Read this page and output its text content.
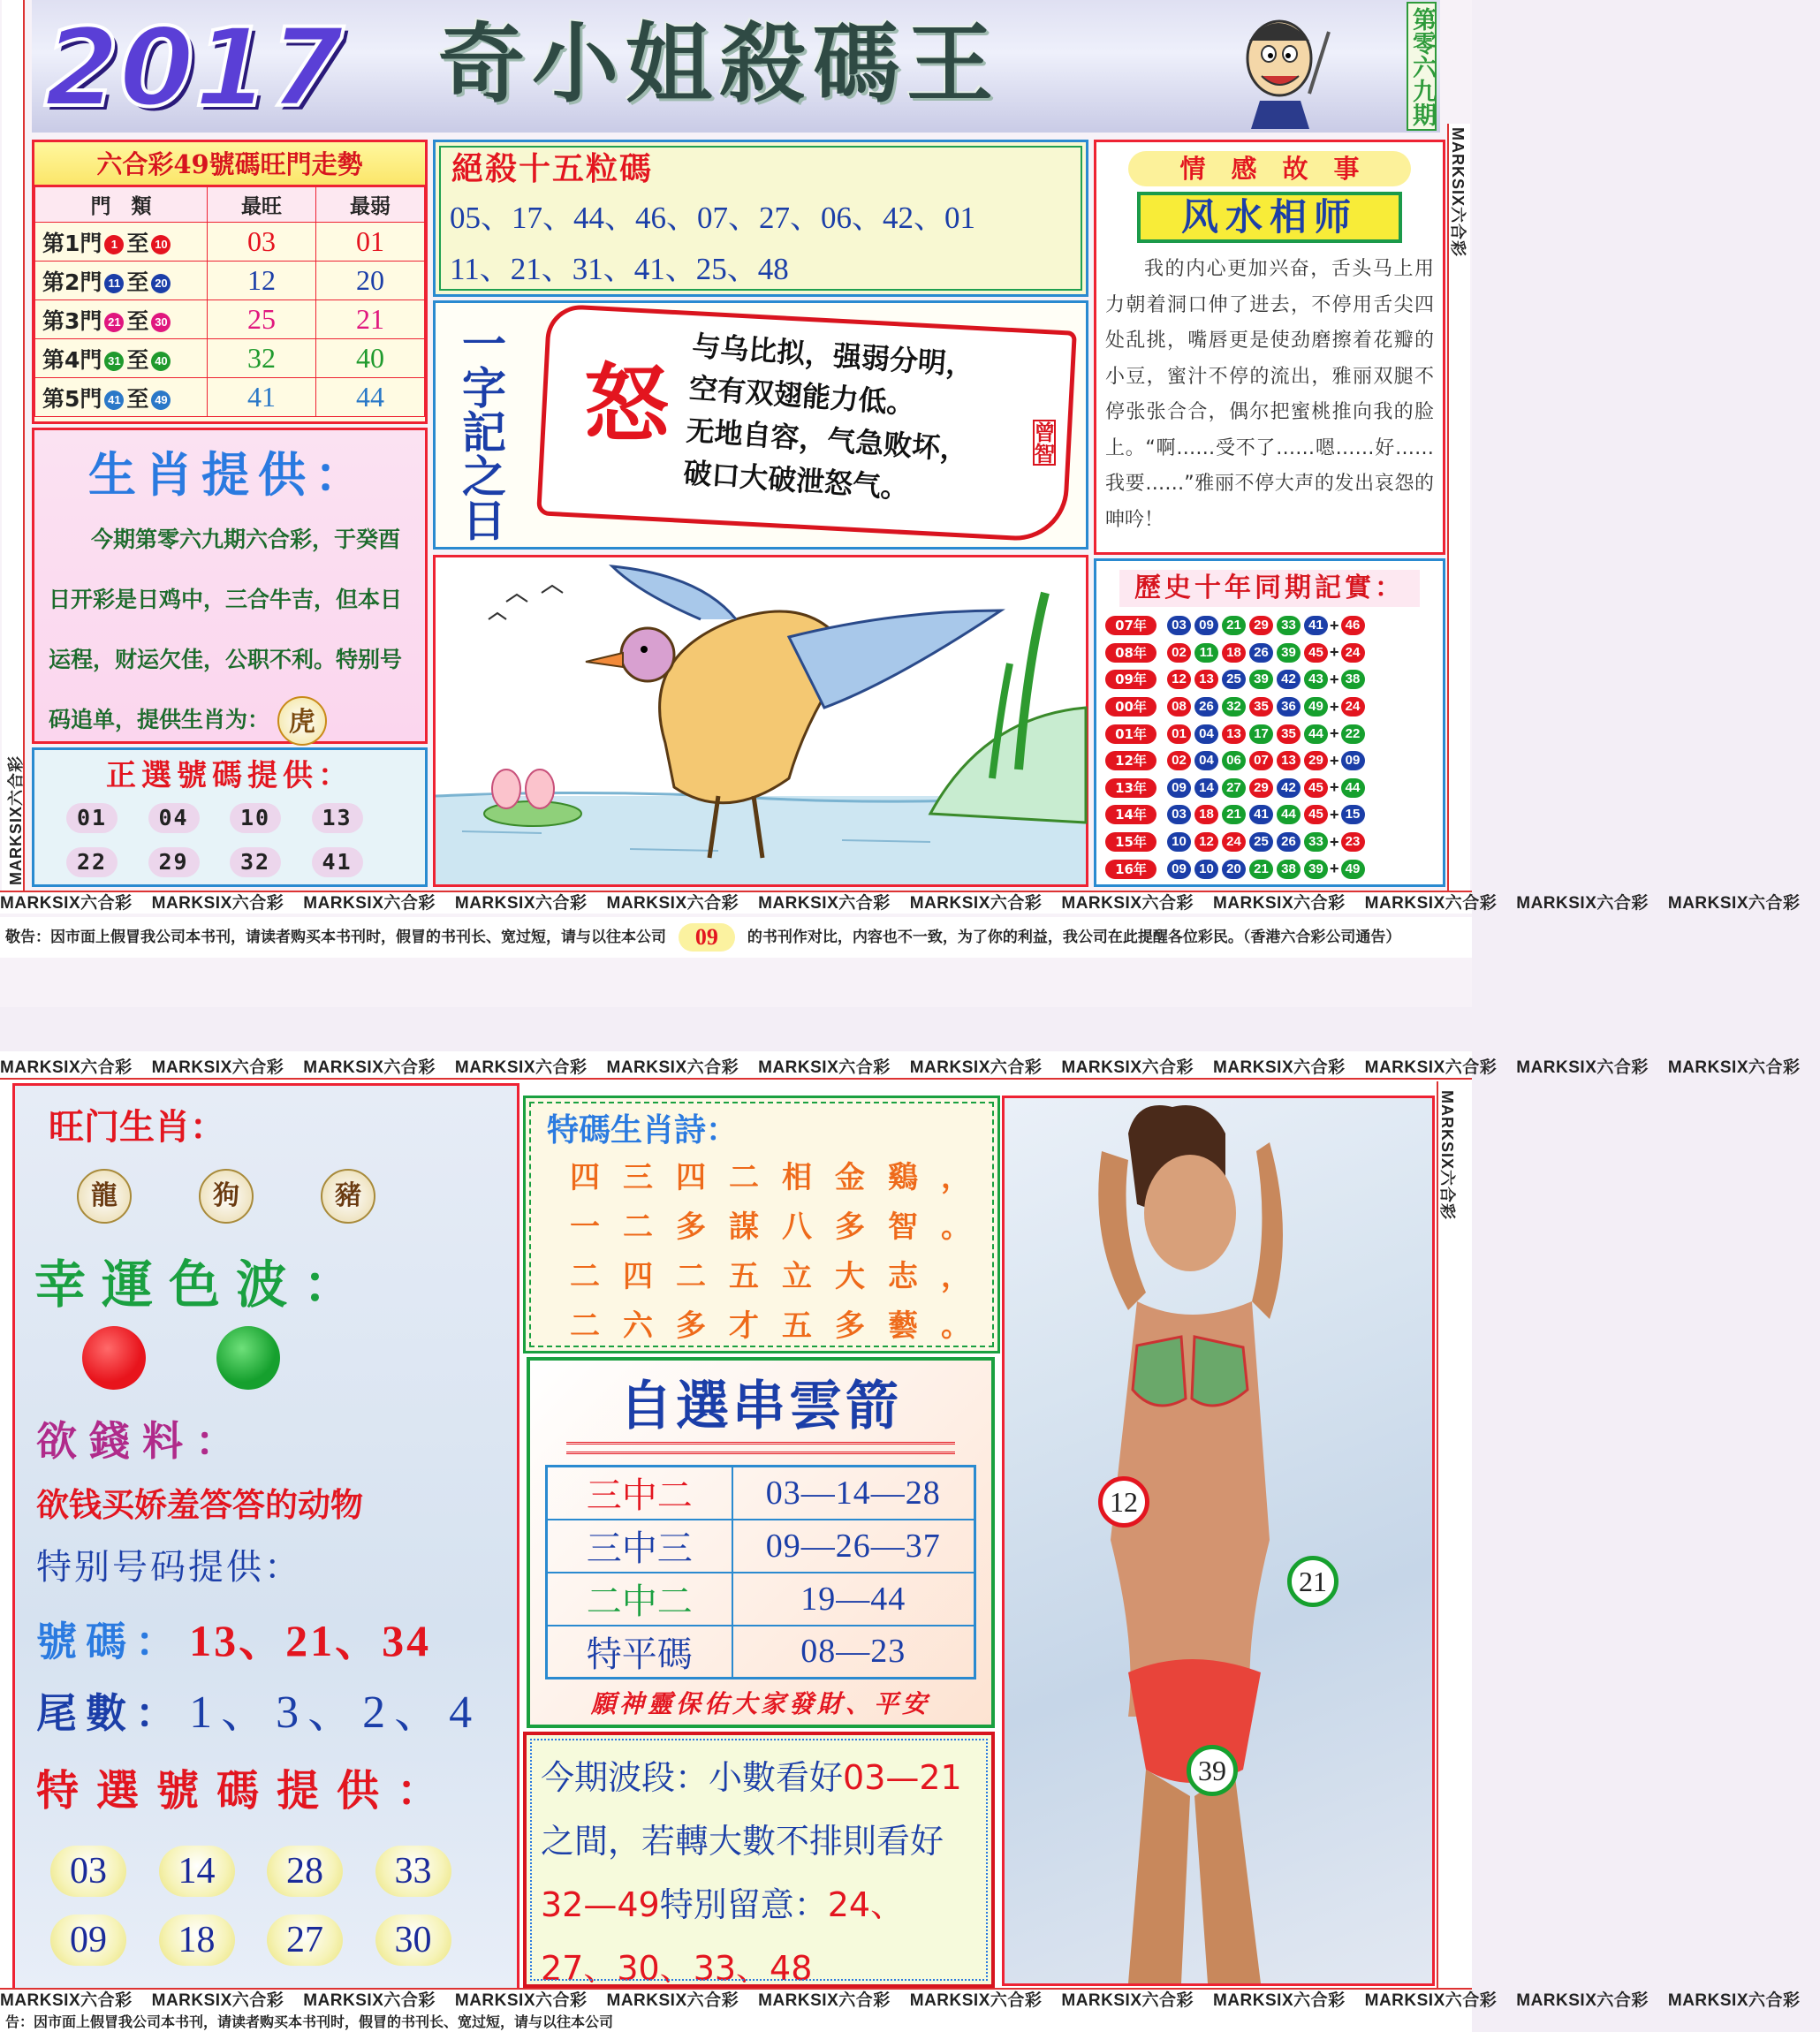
2017 奇小姐殺碼王	第零六九期
MARKSIX六合彩
MARKSIX六合彩
六合彩49號碼旺門走勢
門　類	最旺	最弱
第1門 1 至 10	03	01
第2門 11 至 20	12	20
第3門 21 至 30	25	21
第4門 31 至 40	32	40
第5門 41 至 49	41	44
生肖提供：
今期第零六九期六合彩，于癸酉日开彩是日鸡中，三合牛吉，但本日运程，财运欠佳，公职不利。特别号码追单，提供生肖为： 虎
正選號碼提供：
01	04	10	13
22	29	32	41
絕殺十五粒碼
05、17、44、46、07、27、06、42、01
11、21、31、41、25、48
一字記之日 怒 与乌比拟，强弱分明，
空有双翅能力低。
无地自容，气急败坏，
破口大破泄怒气。
曾智
情　感　故　事
风水相师
我的内心更加兴奋，舌头马上用力朝着洞口伸了进去，不停用舌尖四处乱挑，嘴唇更是使劲磨擦着花瓣的小豆，蜜汁不停的流出，雅丽双腿不停张张合合，偶尔把蜜桃推向我的脸上。“啊……受不了……嗯……好……我要……”雅丽不停大声的发出哀怨的呻吟！
歷史十年同期記實：
07年	03 09 21 29 33 41 + 46
08年	02 11 18 26 39 45 + 24
09年	12 13 25 39 42 43 + 38
00年	08 26 32 35 36 49 + 24
01年	01 04 13 17 35 44 + 22
12年	02 04 06 07 13 29 + 09
13年	09 14 27 29 42 45 + 44
14年	03 18 21 41 44 45 + 15
15年	10 12 24 25 26 33 + 23
16年	09 10 20 21 38 39 + 49
MARKSIX六合彩 MARKSIX六合彩 MARKSIX六合彩 MARKSIX六合彩 MARKSIX六合彩 MARKSIX六合彩 MARKSIX六合彩 MARKSIX六合彩 MARKSIX六合彩 MARKSIX六合彩 MARKSIX六合彩 MARKSIX六合彩
敬告：因市面上假冒我公司本书刊，请读者购买本书刊时，假冒的书刊长、宽过短，请与以往本公司 09 的书刊作对比，内容也不一致，为了你的利益，我公司在此提醒各位彩民。（香港六合彩公司通告）
MARKSIX六合彩 MARKSIX六合彩 MARKSIX六合彩 MARKSIX六合彩 MARKSIX六合彩 MARKSIX六合彩 MARKSIX六合彩 MARKSIX六合彩 MARKSIX六合彩 MARKSIX六合彩 MARKSIX六合彩 MARKSIX六合彩
MARKSIX六合彩
旺门生肖：
龍	狗	豬
幸運色波：
欲錢料：
欲钱买娇羞答答的动物
特别号码提供：
號碼： 13、21、34
尾數： 1、3、2、4
特選號碼提供：
03	14	28	33
09	18	27	30
特碼生肖詩：
四三四二相金鷄，
一二多謀八多智。
二四二五立大志，
二六多才五多藝。
自選串雲箭
三中二	03—14—28
三中三	09—26—37
二中二	19—44
特平碼	08—23
願神靈保佑大家發財、平安
今期波段：小數看好03—21之間，若轉大數不排則看好32—49特別留意：24、27、30、33、48
12
21
39
MARKSIX六合彩 MARKSIX六合彩 MARKSIX六合彩 MARKSIX六合彩 MARKSIX六合彩 MARKSIX六合彩 MARKSIX六合彩 MARKSIX六合彩 MARKSIX六合彩 MARKSIX六合彩 MARKSIX六合彩 MARKSIX六合彩
告：因市面上假冒我公司本书刊，请读者购买本书刊时，假冒的书刊长、宽过短，请与以往本公司
